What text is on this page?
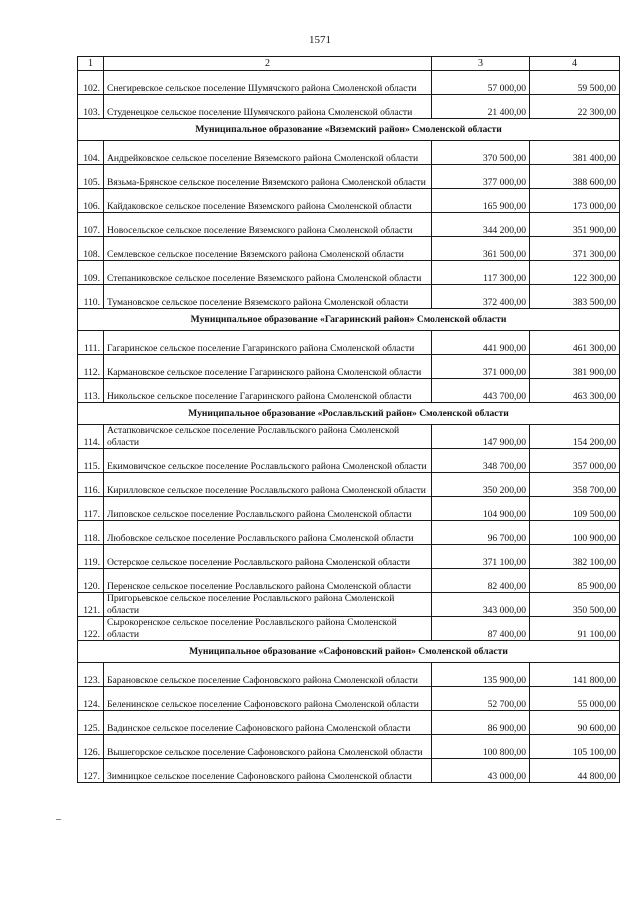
1571
–
1	2	3	4
102.	Снегиревское сельское поселение Шумячского района Смоленской области	57 000,00	59 500,00
103.	Студенецкое сельское поселение Шумячского района Смоленской области	21 400,00	22 300,00
Муниципальное образование «Вяземский район» Смоленской области			
104.	Андрейковское сельское поселение Вяземского района Смоленской области	370 500,00	381 400,00
105.	Вязьма-Брянское сельское поселение Вяземского района Смоленской области	377 000,00	388 600,00
106.	Кайдаковское сельское поселение Вяземского района Смоленской области	165 900,00	173 000,00
107.	Новосельское сельское поселение Вяземского района Смоленской области	344 200,00	351 900,00
108.	Семлевское сельское поселение Вяземского района Смоленской области	361 500,00	371 300,00
109.	Степаниковское сельское поселение Вяземского района Смоленской области	117 300,00	122 300,00
110.	Тумановское сельское поселение Вяземского района Смоленской области	372 400,00	383 500,00
Муниципальное образование «Гагаринский район» Смоленской области			
111.	Гагаринское сельское поселение Гагаринского района Смоленской области	441 900,00	461 300,00
112.	Кармановское сельское поселение Гагаринского района Смоленской области	371 000,00	381 900,00
113.	Никольское сельское поселение Гагаринского района Смоленской области	443 700,00	463 300,00
Муниципальное образование «Рославльский район» Смоленской области			
114.	Астапковичское сельское поселение Рославльского района Смоленской области	147 900,00	154 200,00
115.	Екимовичское сельское поселение Рославльского района Смоленской области	348 700,00	357 000,00
116.	Кирилловское сельское поселение Рославльского района Смоленской области	350 200,00	358 700,00
117.	Липовское сельское поселение Рославльского района Смоленской области	104 900,00	109 500,00
118.	Любовское сельское поселение Рославльского района Смоленской области	96 700,00	100 900,00
119.	Остерское сельское поселение Рославльского района Смоленской области	371 100,00	382 100,00
120.	Перенское сельское поселение Рославльского района Смоленской области	82 400,00	85 900,00
121.	Пригорьевское сельское поселение Рославльского района Смоленской области	343 000,00	350 500,00
122.	Сырокоренское сельское поселение Рославльского района Смоленской области	87 400,00	91 100,00
Муниципальное образование «Сафоновский район» Смоленской области			
123.	Барановское сельское поселение Сафоновского района Смоленской области	135 900,00	141 800,00
124.	Беленинское сельское поселение Сафоновского района Смоленской области	52 700,00	55 000,00
125.	Вадинское сельское поселение Сафоновского района Смоленской области	86 900,00	90 600,00
126.	Вышегорское сельское поселение Сафоновского района Смоленской области	100 800,00	105 100,00
127.	Зимницкое сельское поселение Сафоновского района Смоленской области	43 000,00	44 800,00
